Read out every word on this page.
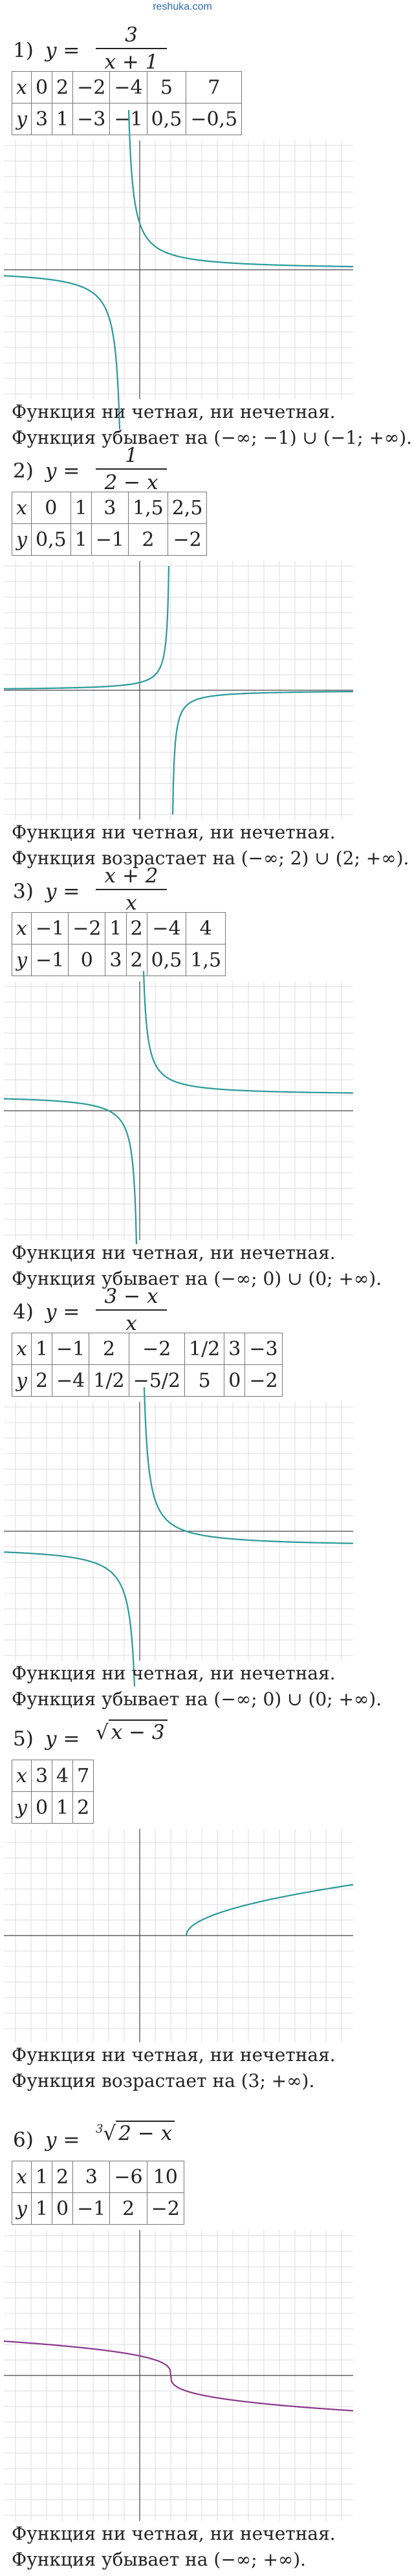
reshuka.com
1) $y = \frac{3}{x + 1}$
x	0	2	−2	−4	5	7
y	3	1	−3	−1	0,5	−0,5
Функция ни четная, ни нечетная.
Функция убывает на (−∞; −1) ∪ (−1; +∞).
2) $y = \frac{1}{2 - x}$
x	0	1	3	1,5	2,5
y	0,5	1	−1	2	−2
Функция ни четная, ни нечетная.
Функция возрастает на (−∞; 2) ∪ (2; +∞).
3) $y = \frac{x + 2}{x}$
x	−1	−2	1	2	−4	4
y	−1	0	3	2	0,5	1,5
Функция ни четная, ни нечетная.
Функция убывает на (−∞; 0) ∪ (0; +∞).
4) $y = \frac{3 - x}{x}$
x	1	−1	2	−2	1/2	3	−3
y	2	−4	1/2	−5/2	5	0	−2
Функция ни четная, ни нечетная.
Функция убывает на (−∞; 0) ∪ (0; +∞).
5) y = √ x − 3
x	3	4	7
y	0	1	2
Функция ни четная, ни нечетная.
Функция возрастает на (3; +∞).
6) y = $^3$√ 2 − x
x	1	2	3	−6	10
y	1	0	−1	2	−2
Функция ни четная, ни нечетная.
Функция убывает на (−∞; +∞).
